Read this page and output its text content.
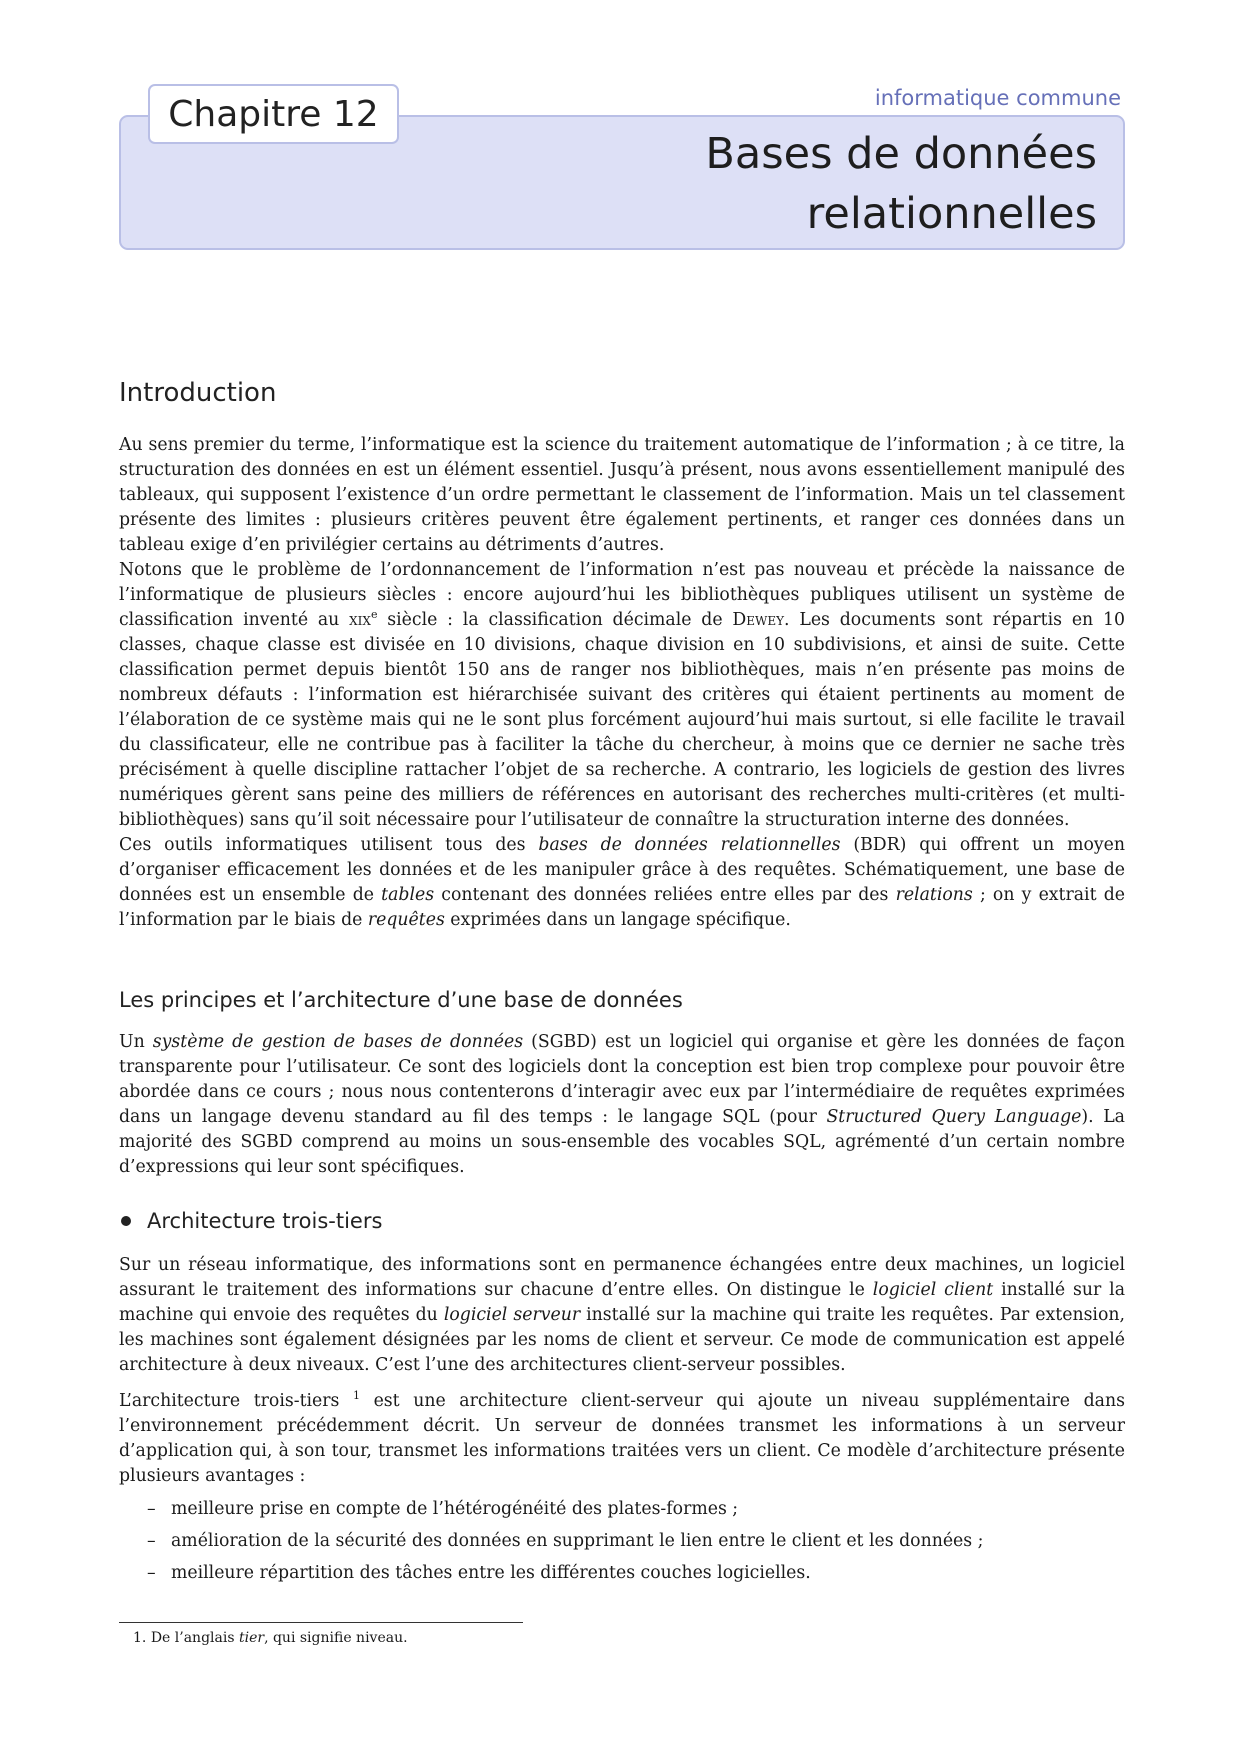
Chapitre 12	informatique commune
Bases de données
relationnelles
Introduction

Au sens premier du terme, l’informatique est la science du traitement automatique de l’information ; à ce titre, la structuration des données en est un élément essentiel. Jusqu’à présent, nous avons essentiellement manipulé des tableaux, qui supposent l’existence d’un ordre permettant le classement de l’information. Mais un tel classement présente des limites : plusieurs critères peuvent être également pertinents, et ranger ces données dans un tableau exige d’en privilégier certains au détriments d’autres.

Notons que le problème de l’ordonnancement de l’information n’est pas nouveau et précède la naissance de l’informatique de plusieurs siècles : encore aujourd’hui les bibliothèques publiques utilisent un système de classification inventé au xix$^e$ siècle : la classification décimale de Dewey. Les documents sont répartis en 10 classes, chaque classe est divisée en 10 divisions, chaque division en 10 subdivisions, et ainsi de suite. Cette classification permet depuis bientôt 150 ans de ranger nos bibliothèques, mais n’en présente pas moins de nombreux défauts : l’information est hiérarchisée suivant des critères qui étaient pertinents au moment de l’élaboration de ce système mais qui ne le sont plus forcément aujourd’hui mais surtout, si elle facilite le travail du classificateur, elle ne contribue pas à faciliter la tâche du chercheur, à moins que ce dernier ne sache très précisément à quelle discipline rattacher l’objet de sa recherche. A contrario, les logiciels de gestion des livres numériques gèrent sans peine des milliers de références en autorisant des recherches multi-critères (et multi-bibliothèques) sans qu’il soit nécessaire pour l’utilisateur de connaître la structuration interne des données.

Ces outils informatiques utilisent tous des bases de données relationnelles (BDR) qui offrent un moyen d’organiser efficacement les données et de les manipuler grâce à des requêtes. Schématiquement, une base de données est un ensemble de tables contenant des données reliées entre elles par des relations ; on y extrait de l’information par le biais de requêtes exprimées dans un langage spécifique.

Les principes et l’architecture d’une base de données

Un système de gestion de bases de données (SGBD) est un logiciel qui organise et gère les données de façon transparente pour l’utilisateur. Ce sont des logiciels dont la conception est bien trop complexe pour pouvoir être abordée dans ce cours ; nous nous contenterons d’interagir avec eux par l’intermédiaire de requêtes exprimées dans un langage devenu standard au fil des temps : le langage SQL (pour Structured Query Language). La majorité des SGBD comprend au moins un sous-ensemble des vocables SQL, agrémenté d’un certain nombre d’expressions qui leur sont spécifiques.

Architecture trois-tiers

Sur un réseau informatique, des informations sont en permanence échangées entre deux machines, un logiciel assurant le traitement des informations sur chacune d’entre elles. On distingue le logiciel client installé sur la machine qui envoie des requêtes du logiciel serveur installé sur la machine qui traite les requêtes. Par extension, les machines sont également désignées par les noms de client et serveur. Ce mode de communication est appelé architecture à deux niveaux. C’est l’une des architectures client-serveur possibles.

L’architecture trois-tiers $^1$ est une architecture client-serveur qui ajoute un niveau supplémentaire dans l’environnement précédemment décrit. Un serveur de données transmet les informations à un serveur d’application qui, à son tour, transmet les informations traitées vers un client. Ce modèle d’architecture présente plusieurs avantages :

– meilleure prise en compte de l’hétérogénéité des plates-formes ;
– amélioration de la sécurité des données en supprimant le lien entre le client et les données ;
– meilleure répartition des tâches entre les différentes couches logicielles.
1. De l’anglais tier, qui signifie niveau.
